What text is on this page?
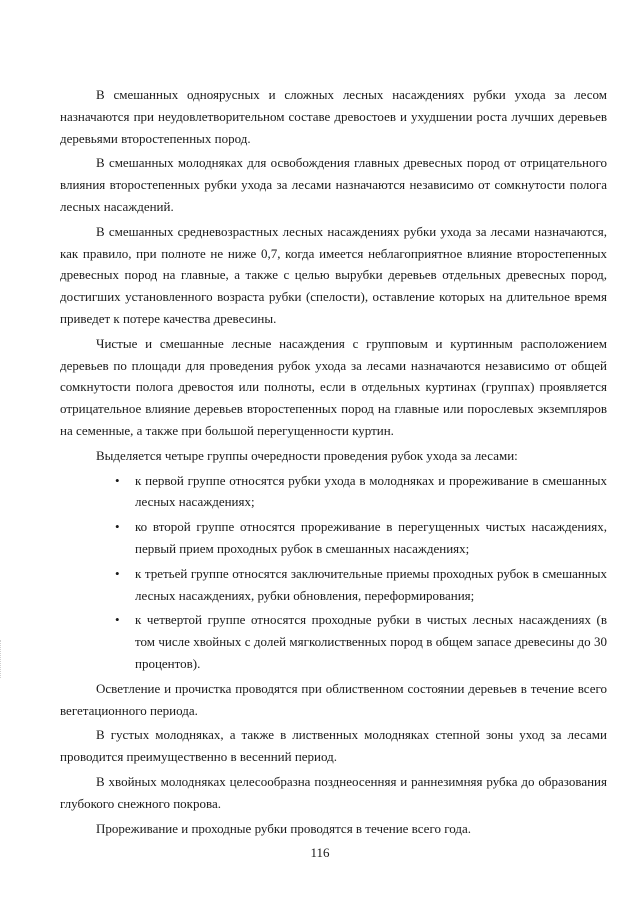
В смешанных одноярусных и сложных лесных насаждениях рубки ухода за лесом назначаются при неудовлетворительном составе древостоев и ухудшении роста лучших деревьев деревьями второстепенных пород.

В смешанных молодняках для освобождения главных древесных пород от отрицательного влияния второстепенных рубки ухода за лесами назначаются независимо от сомкнутости полога лесных насаждений.

В смешанных средневозрастных лесных насаждениях рубки ухода за лесами назначаются, как правило, при полноте не ниже 0,7, когда имеется неблагоприятное влияние второстепенных древесных пород на главные, а также с целью вырубки деревьев отдельных древесных пород, достигших установленного возраста рубки (спелости), оставление которых на длительное время приведет к потере качества древесины.

Чистые и смешанные лесные насаждения с групповым и куртинным расположением деревьев по площади для проведения рубок ухода за лесами назначаются независимо от общей сомкнутости полога древостоя или полноты, если в отдельных куртинах (группах) проявляется отрицательное влияние деревьев второстепенных пород на главные или порослевых экземпляров на семенные, а также при большой перегущенности куртин.

Выделяется четыре группы очередности проведения рубок ухода за лесами:

• к первой группе относятся рубки ухода в молодняках и прореживание в смешанных лесных насаждениях;
• ко второй группе относятся прореживание в перегущенных чистых насаждениях, первый прием проходных рубок в смешанных насаждениях;
• к третьей группе относятся заключительные приемы проходных рубок в смешанных лесных насаждениях, рубки обновления, переформирования;
• к четвертой группе относятся проходные рубки в чистых лесных насаждениях (в том числе хвойных с долей мягколиственных пород в общем запасе древесины до 30 процентов).

Осветление и прочистка проводятся при облиственном состоянии деревьев в течение всего вегетационного периода.

В густых молодняках, а также в лиственных молодняках степной зоны уход за лесами проводится преимущественно в весенний период.

В хвойных молодняках целесообразна позднеосенняя и раннезимняя рубка до образования глубокого снежного покрова.

Прореживание и проходные рубки проводятся в течение всего года.

116
